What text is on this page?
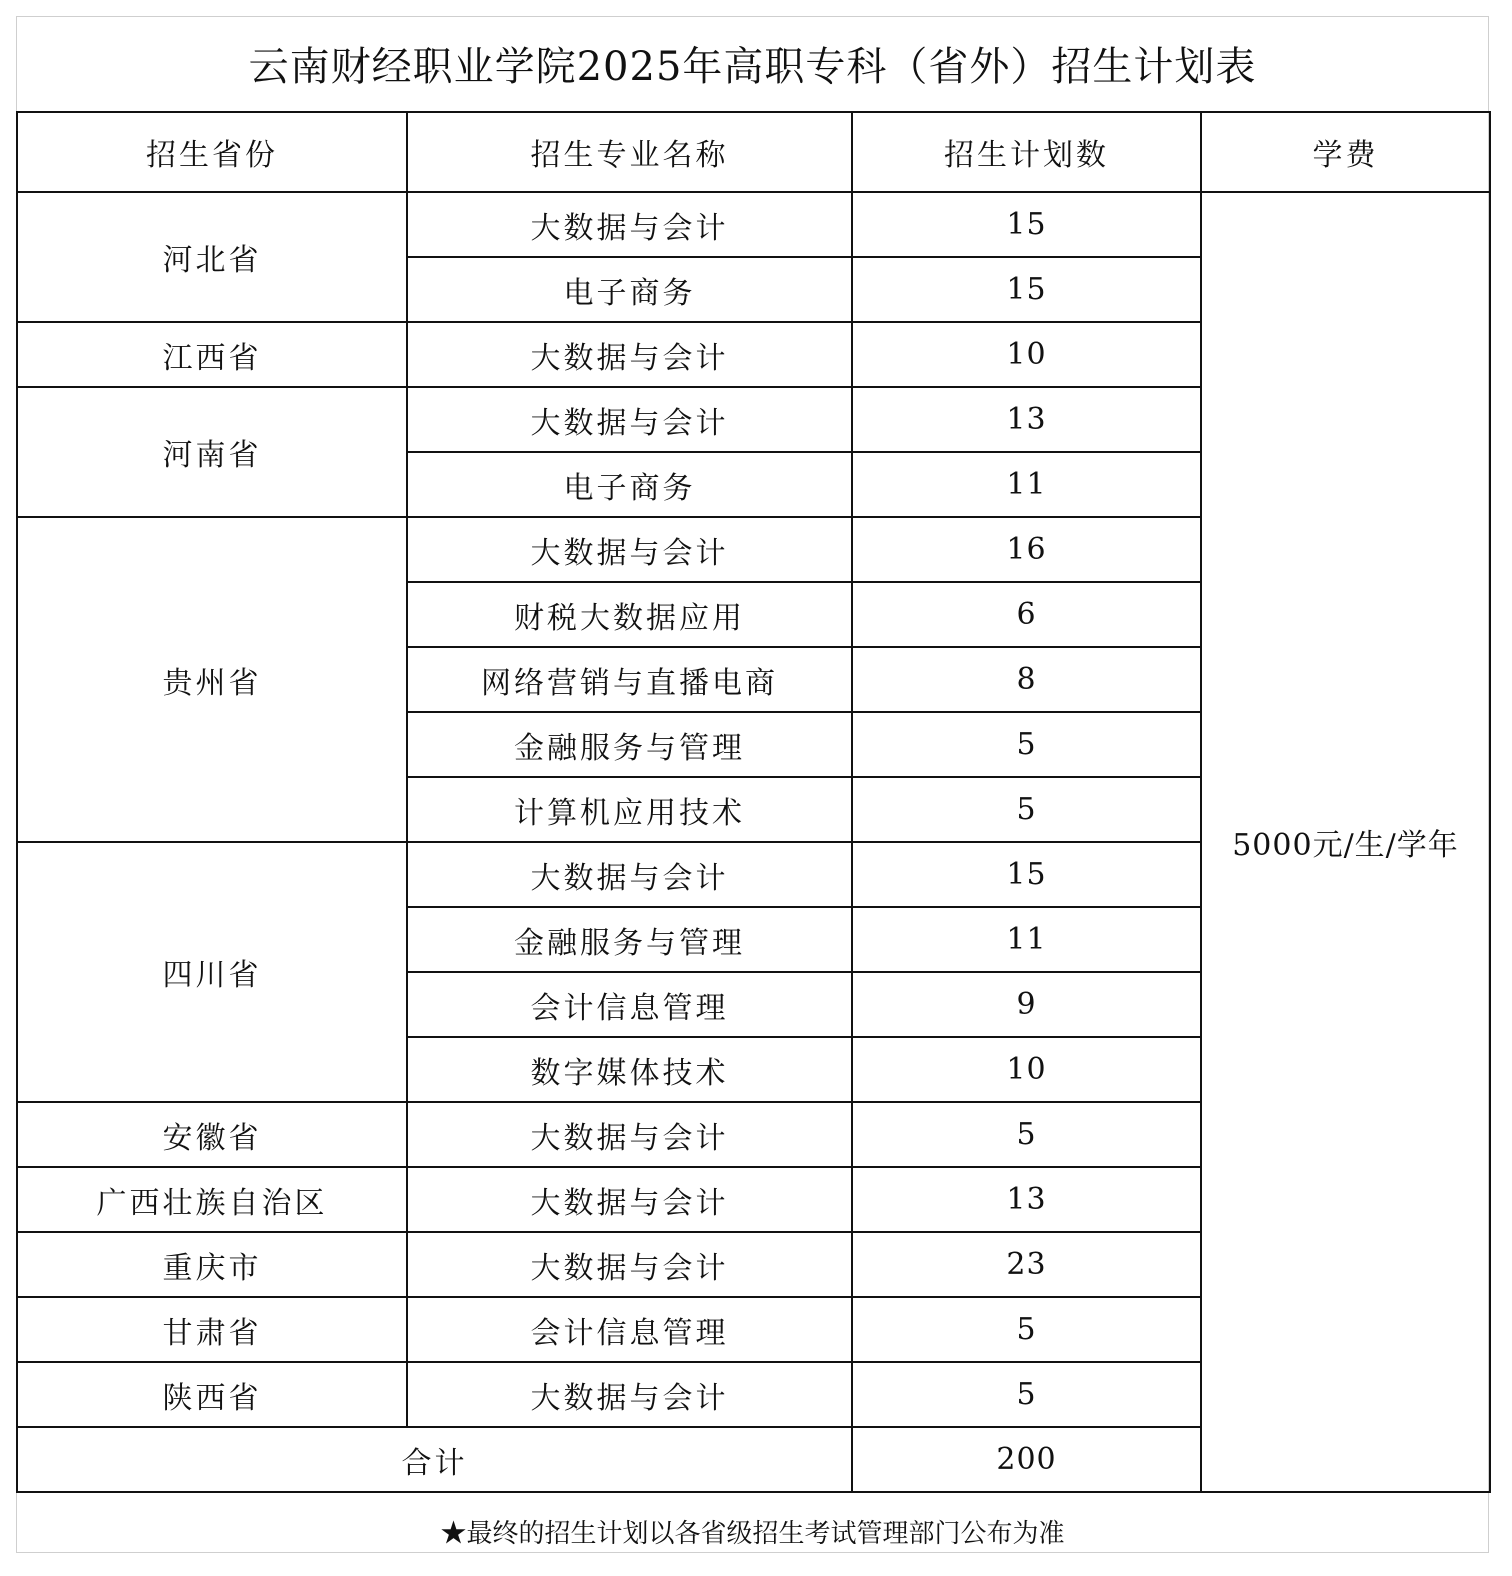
云南财经职业学院2025年高职专科（省外）招生计划表
招生省份	招生专业名称	招生计划数	学费
河北省	大数据与会计	15	5000元/生/学年
	电子商务	15	
江西省	大数据与会计	10	
河南省	大数据与会计	13	
	电子商务	11	
贵州省	大数据与会计	16	
	财税大数据应用	6	
	网络营销与直播电商	8	
	金融服务与管理	5	
	计算机应用技术	5	
四川省	大数据与会计	15	
	金融服务与管理	11	
	会计信息管理	9	
	数字媒体技术	10	
安徽省	大数据与会计	5	
广西壮族自治区	大数据与会计	13	
重庆市	大数据与会计	23	
甘肃省	会计信息管理	5	
陕西省	大数据与会计	5	
合计		200	
★最终的招生计划以各省级招生考试管理部门公布为准
